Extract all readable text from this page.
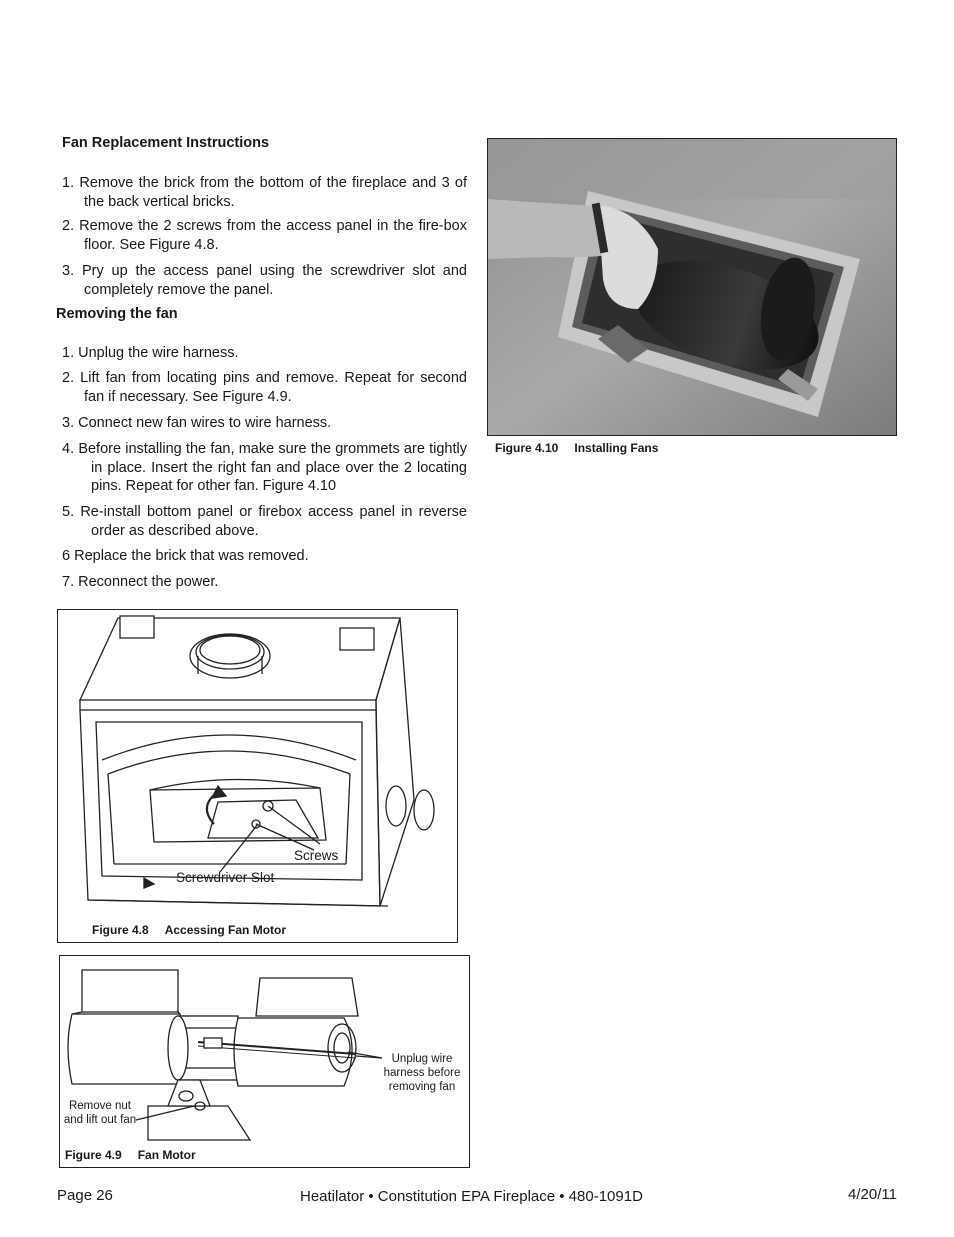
Fan Replacement Instructions
1. Remove the brick from the bottom of the fireplace and 3 of the back vertical bricks.
2. Remove the 2 screws from the access panel in the fire-box floor. See Figure 4.8.
3. Pry up the access panel using the screwdriver slot and completely remove the panel.
Removing the fan
1. Unplug the wire harness.
2. Lift fan from locating pins and remove. Repeat for second fan if necessary. See Figure 4.9.
3. Connect new fan wires to wire harness.
4. Before installing the fan, make sure the grommets are tightly in place. Insert the right fan and place over the 2 locating pins. Repeat for other fan. Figure 4.10
5. Re-install bottom panel or firebox access panel in reverse order as described above.
6 Replace the brick that was removed.
7. Reconnect the power.
Figure 4.10 Installing Fans
Screws
Screwdriver Slot
Figure 4.8 Accessing Fan Motor
Remove nut and lift out fan
Unplug wire harness before removing fan
Figure 4.9 Fan Motor
Page 26	Heatilator • Constitution EPA Fireplace • 480-1091D	4/20/11
